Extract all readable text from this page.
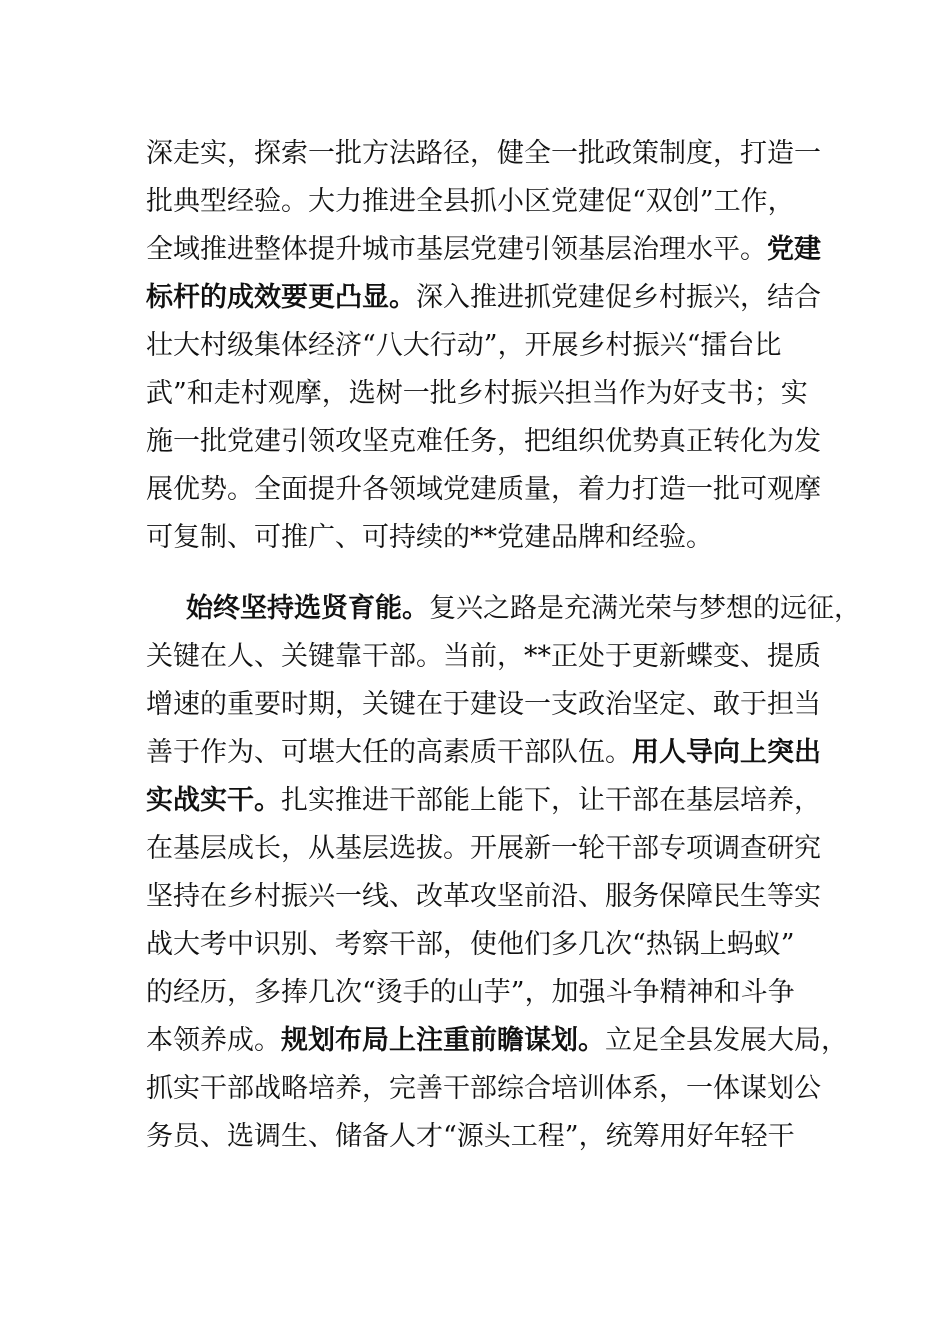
深走实，探索一批方法路径，健全一批政策制度，打造一
批典型经验。大力推进全县抓小区党建促“双创”工作，
全域推进整体提升城市基层党建引领基层治理水平。党建
标杆的成效要更凸显。深入推进抓党建促乡村振兴，结合
壮大村级集体经济“八大行动”，开展乡村振兴“擂台比
武”和走村观摩，选树一批乡村振兴担当作为好支书；实
施一批党建引领攻坚克难任务，把组织优势真正转化为发
展优势。全面提升各领域党建质量，着力打造一批可观摩
可复制、可推广、可持续的**党建品牌和经验。
始终坚持选贤育能。复兴之路是充满光荣与梦想的远征，
关键在人、关键靠干部。当前，**正处于更新蝶变、提质
增速的重要时期，关键在于建设一支政治坚定、敢于担当
善于作为、可堪大任的高素质干部队伍。用人导向上突出
实战实干。扎实推进干部能上能下，让干部在基层培养，
在基层成长，从基层选拔。开展新一轮干部专项调查研究
坚持在乡村振兴一线、改革攻坚前沿、服务保障民生等实
战大考中识别、考察干部，使他们多几次“热锅上蚂蚁”
的经历，多捧几次“烫手的山芋”，加强斗争精神和斗争
本领养成。规划布局上注重前瞻谋划。立足全县发展大局，
抓实干部战略培养，完善干部综合培训体系，一体谋划公
务员、选调生、储备人才“源头工程”，统筹用好年轻干
